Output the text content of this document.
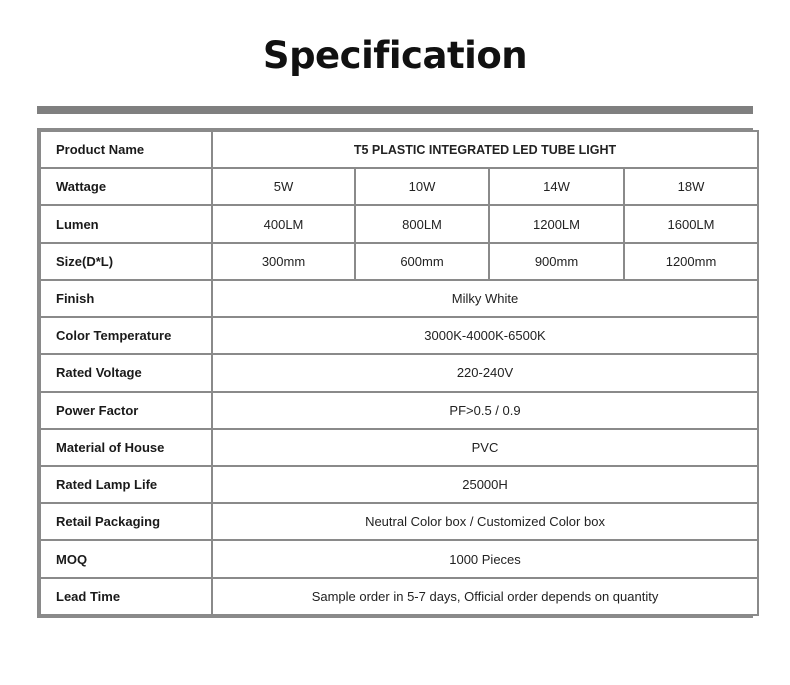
Specification
Product Name	T5 PLASTIC INTEGRATED LED TUBE LIGHT			
Wattage	5W	10W	14W	18W
Lumen	400LM	800LM	1200LM	1600LM
Size(D*L)	300mm	600mm	900mm	1200mm
Finish	Milky White			
Color Temperature	3000K-4000K-6500K			
Rated Voltage	220-240V			
Power Factor	PF>0.5 / 0.9			
Material of House	PVC			
Rated Lamp Life	25000H			
Retail Packaging	Neutral Color box / Customized Color box			
MOQ	1000 Pieces			
Lead Time	Sample order in 5-7 days, Official order depends on quantity			
